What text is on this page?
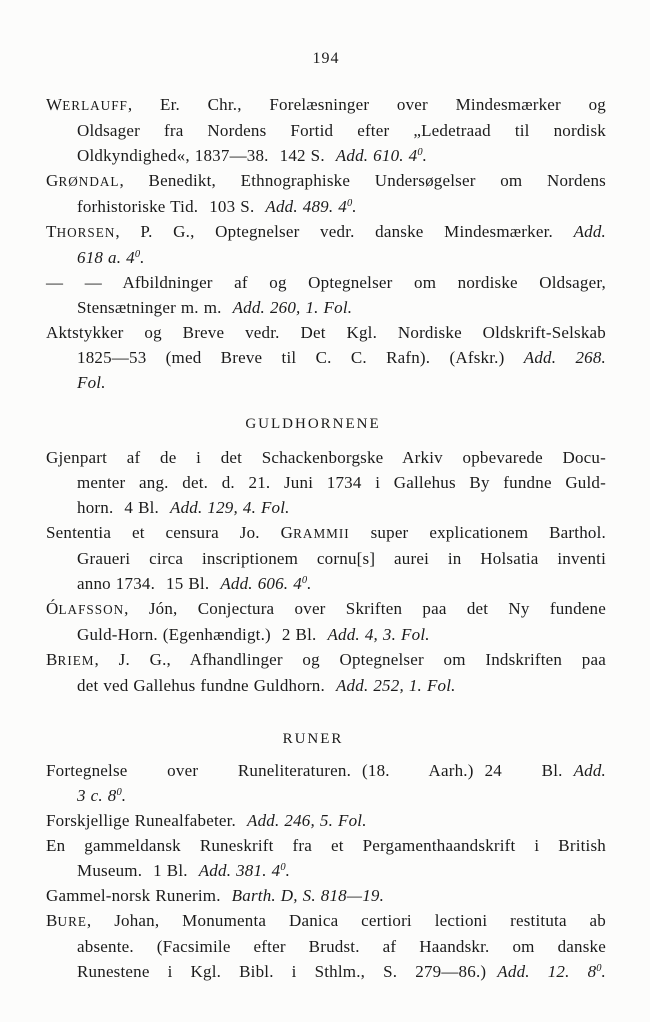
194
WERLAUFF, Er. Chr., Forelæsninger over Mindesmærker og
Oldsager fra Nordens Fortid efter „Ledetraad til nordisk
Oldkyndighed«, 1837—38. 142 S. Add. 610. $4^0$.
GRØNDAL, Benedikt, Ethnographiske Undersøgelser om Nordens
forhistoriske Tid. 103 S. Add. 489. $4^0$.
THORSEN, P. G., Optegnelser vedr. danske Mindesmærker. Add.
618 a. $4^0$.
— — Afbildninger af og Optegnelser om nordiske Oldsager,
Stensætninger m. m. Add. 260, 1. Fol.
Aktstykker og Breve vedr. Det Kgl. Nordiske Oldskrift-Selskab
1825—53 (med Breve til C. C. Rafn). (Afskr.) Add. 268.
Fol.
GULDHORNENE
Gjenpart af de i det Schackenborgske Arkiv opbevarede Docu-
menter ang. det. d. 21. Juni 1734 i Gallehus By fundne Guld-
horn. 4 Bl. Add. 129, 4. Fol.
Sententia et censura Jo. GRAMMII super explicationem Barthol.
Graueri circa inscriptionem cornu[s] aurei in Holsatia inventi
anno 1734. 15 Bl. Add. 606. $4^0$.
ÓLAFSSON, Jón, Conjectura over Skriften paa det Ny fundene
Guld-Horn. (Egenhændigt.) 2 Bl. Add. 4, 3. Fol.
BRIEM, J. G., Afhandlinger og Optegnelser om Indskriften paa
det ved Gallehus fundne Guldhorn. Add. 252, 1. Fol.
RUNER
Fortegnelse over Runeliteraturen. (18. Aarh.) 24 Bl. Add.
3 c. $8^0$.
Forskjellige Runealfabeter. Add. 246, 5. Fol.
En gammeldansk Runeskrift fra et Pergamenthaandskrift i British
Museum. 1 Bl. Add. 381. $4^0$.
Gammel-norsk Runerim. Barth. D, S. 818—19.
BURE, Johan, Monumenta Danica certiori lectioni restituta ab
absente. (Facsimile efter Brudst. af Haandskr. om danske
Runestene i Kgl. Bibl. i Sthlm., S. 279—86.) Add. 12. $8^0$.
